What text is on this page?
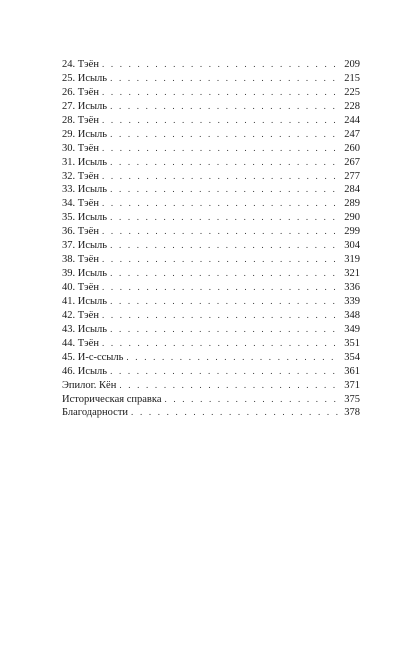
24. Тэён . . .	209
25. Исыль . . .	215
26. Тэён . . .	225
27. Исыль . . .	228
28. Тэён . . .	244
29. Исыль . . .	247
30. Тэён . . .	260
31. Исыль . . .	267
32. Тэён . . .	277
33. Исыль . . .	284
34. Тэён . . .	289
35. Исыль . . .	290
36. Тэён . . .	299
37. Исыль . . .	304
38. Тэён . . .	319
39. Исыль . . .	321
40. Тэён . . .	336
41. Исыль . . .	339
42. Тэён . . .	348
43. Исыль . . .	349
44. Тэён . . .	351
45. И-с-ссыль . . .	354
46. Исыль . . .	361
Эпилог. Кён . . .	371
Историческая справка . . .	375
Благодарности . . .	378
